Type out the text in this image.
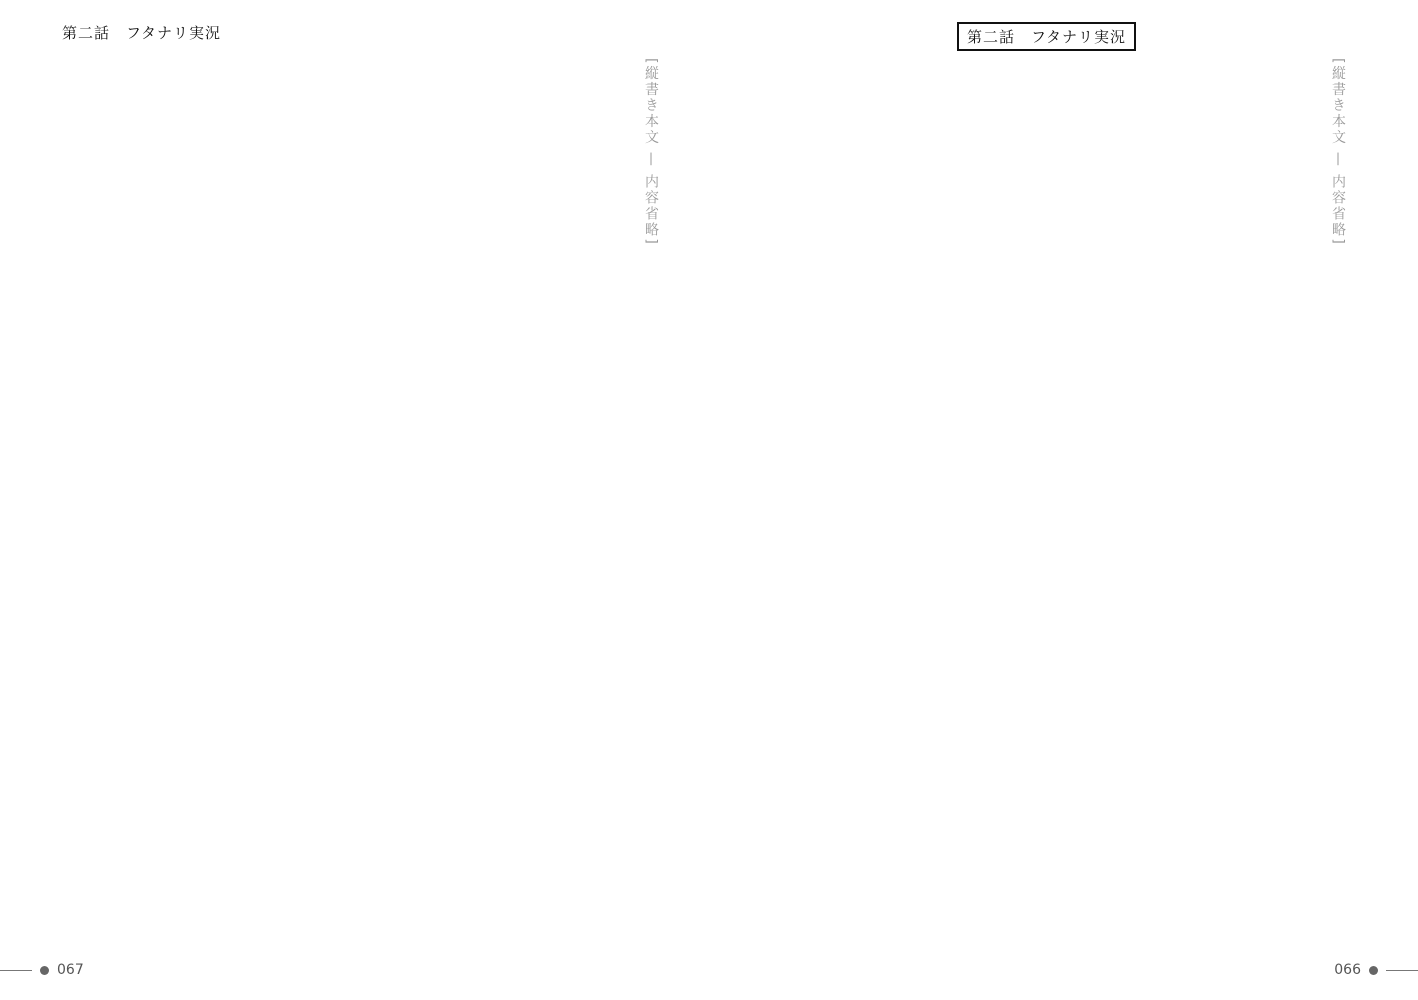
第二話　フタナリ実況
[縦書き本文 — 内容省略]
067
第二話　フタナリ実況
[縦書き本文 — 内容省略]
066
